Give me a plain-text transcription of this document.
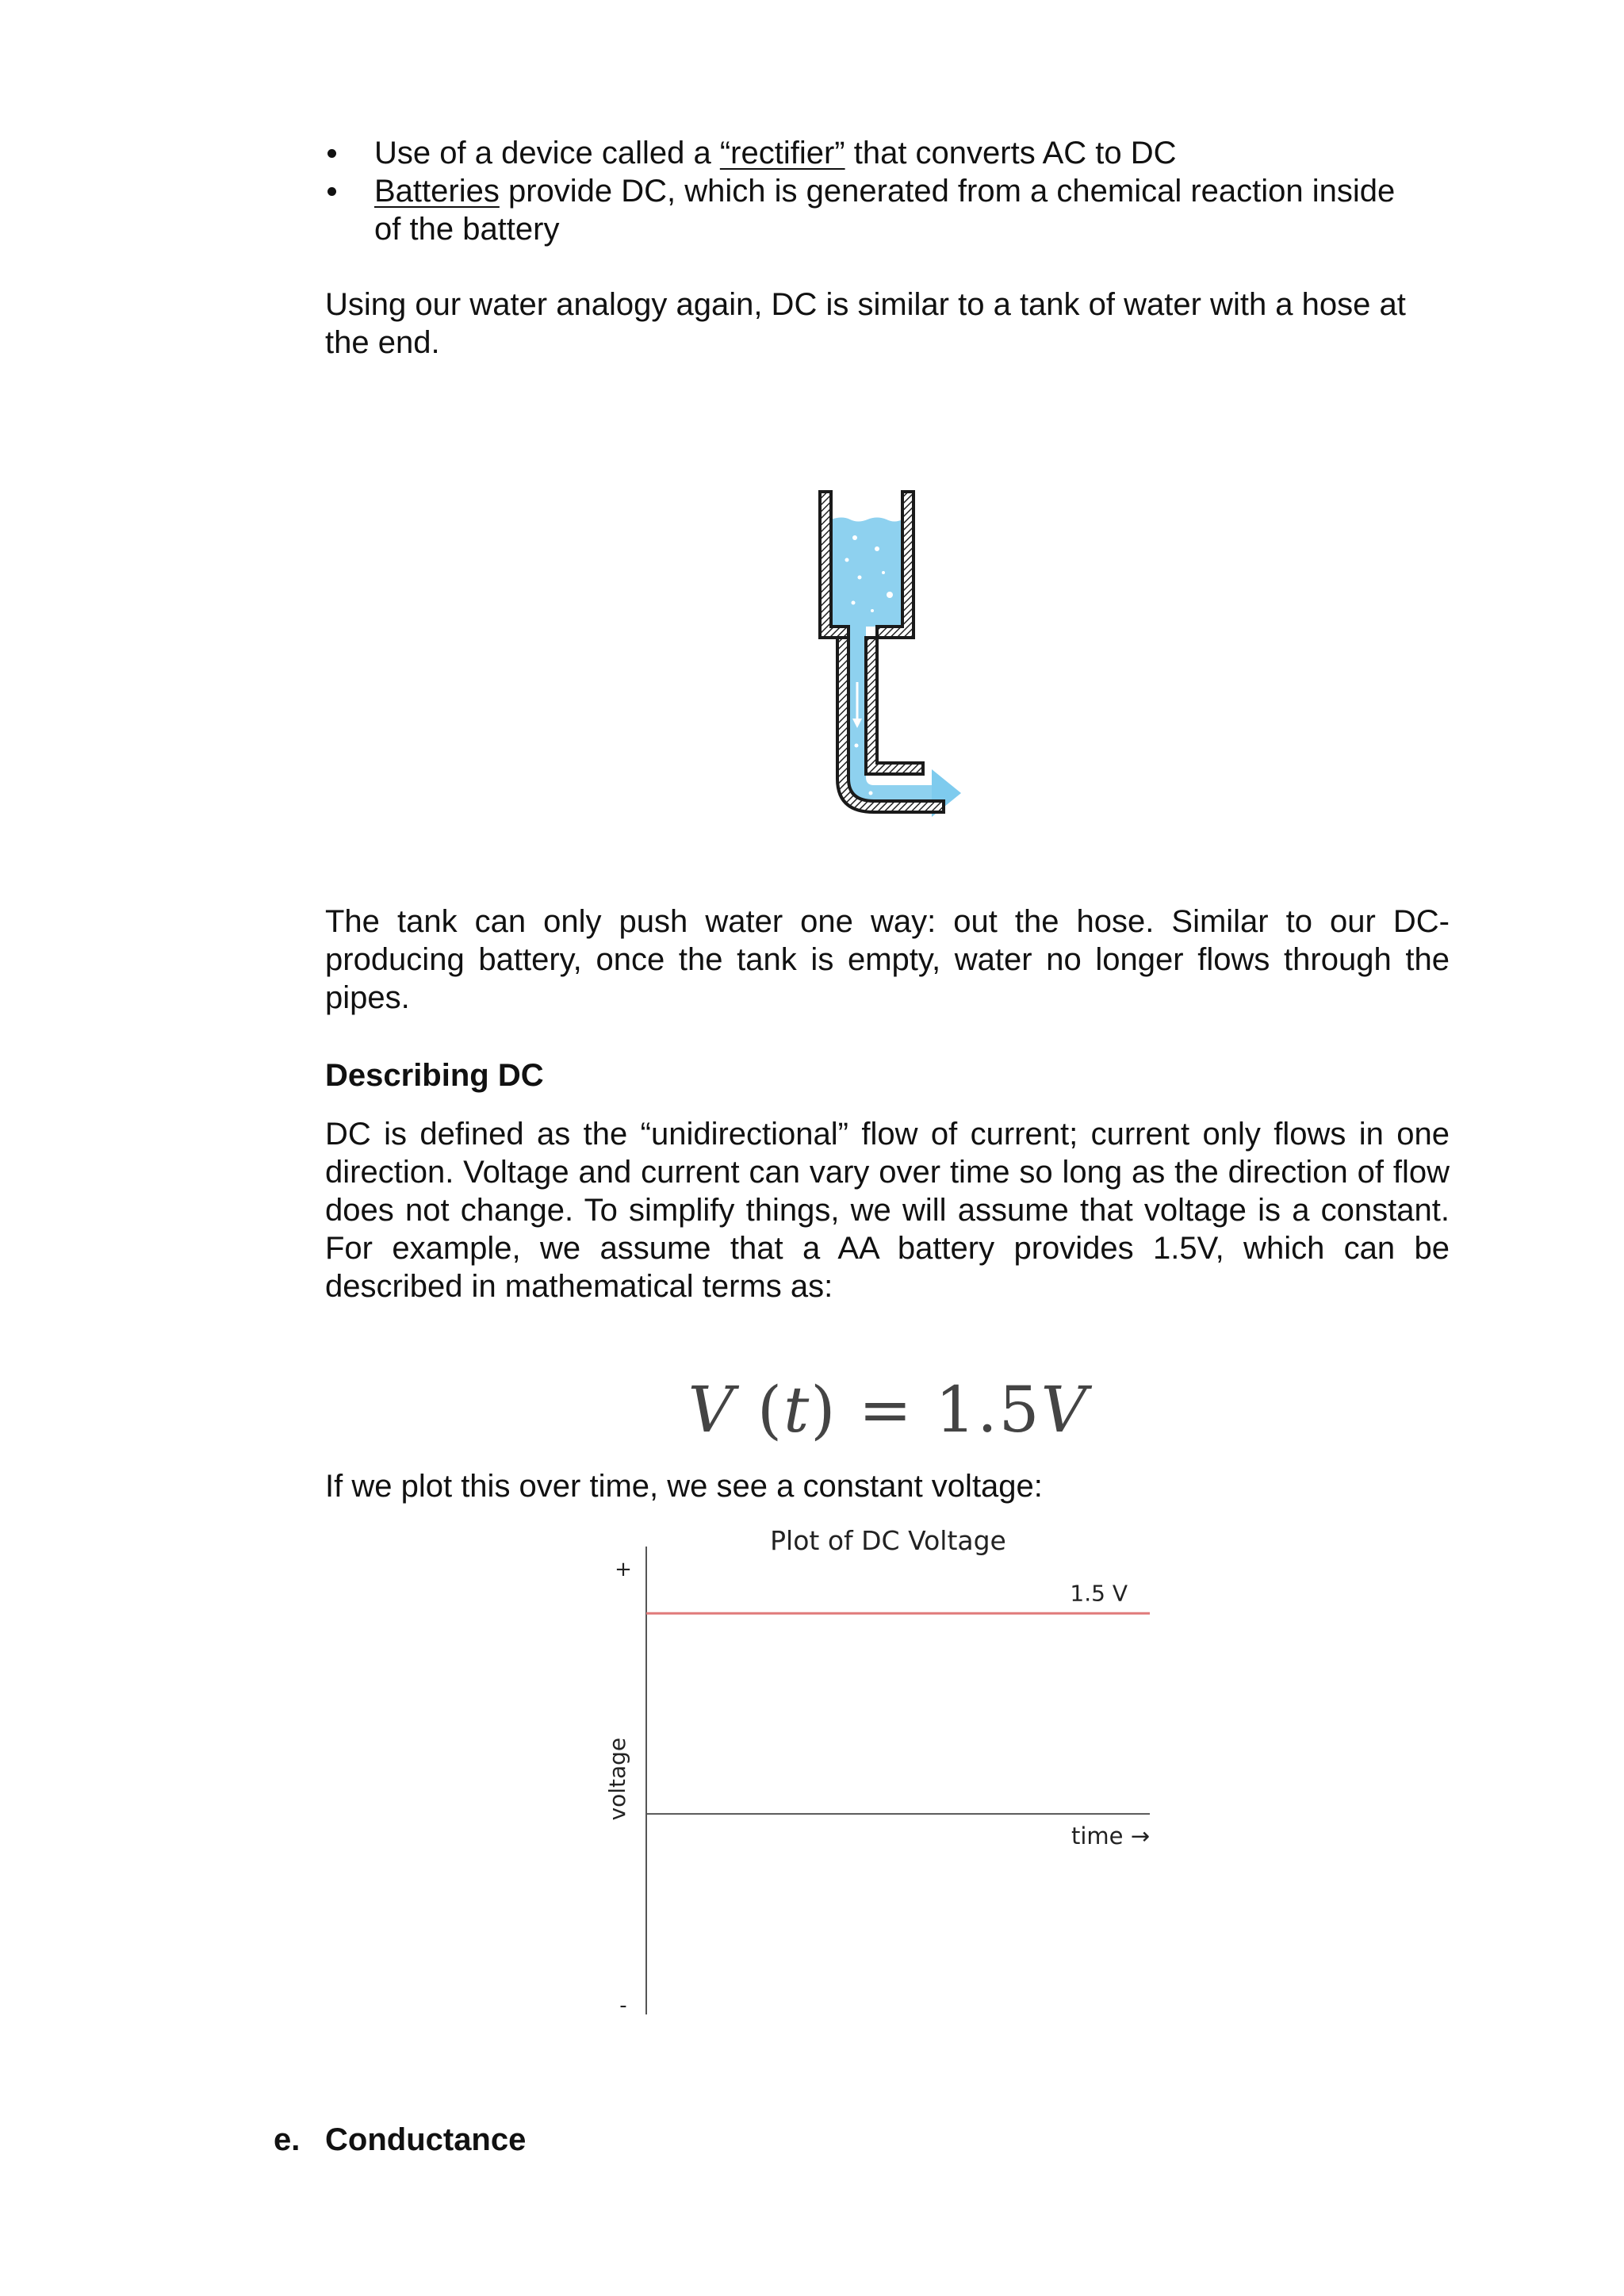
Use of a device called a “rectifier” that converts AC to DC
Batteries provide DC, which is generated from a chemical reaction inside
of the battery
Using our water analogy again, DC is similar to a tank of water with a hose at
the end.
The tank can only push water one way: out the hose. Similar to our DC-producing battery, once the tank is empty, water no longer flows through the pipes.
Describing DC
DC is defined as the “unidirectional” flow of current; current only flows in one direction. Voltage and current can vary over time so long as the direction of flow does not change. To simplify things, we will assume that voltage is a constant. For example, we assume that a AA battery provides 1.5V, which can be described in mathematical terms as:
V (t) = 1.5V
If we plot this over time, we see a constant voltage:
Plot of DC Voltage
+
-
voltage
time →
1.5 V
e. Conductance
